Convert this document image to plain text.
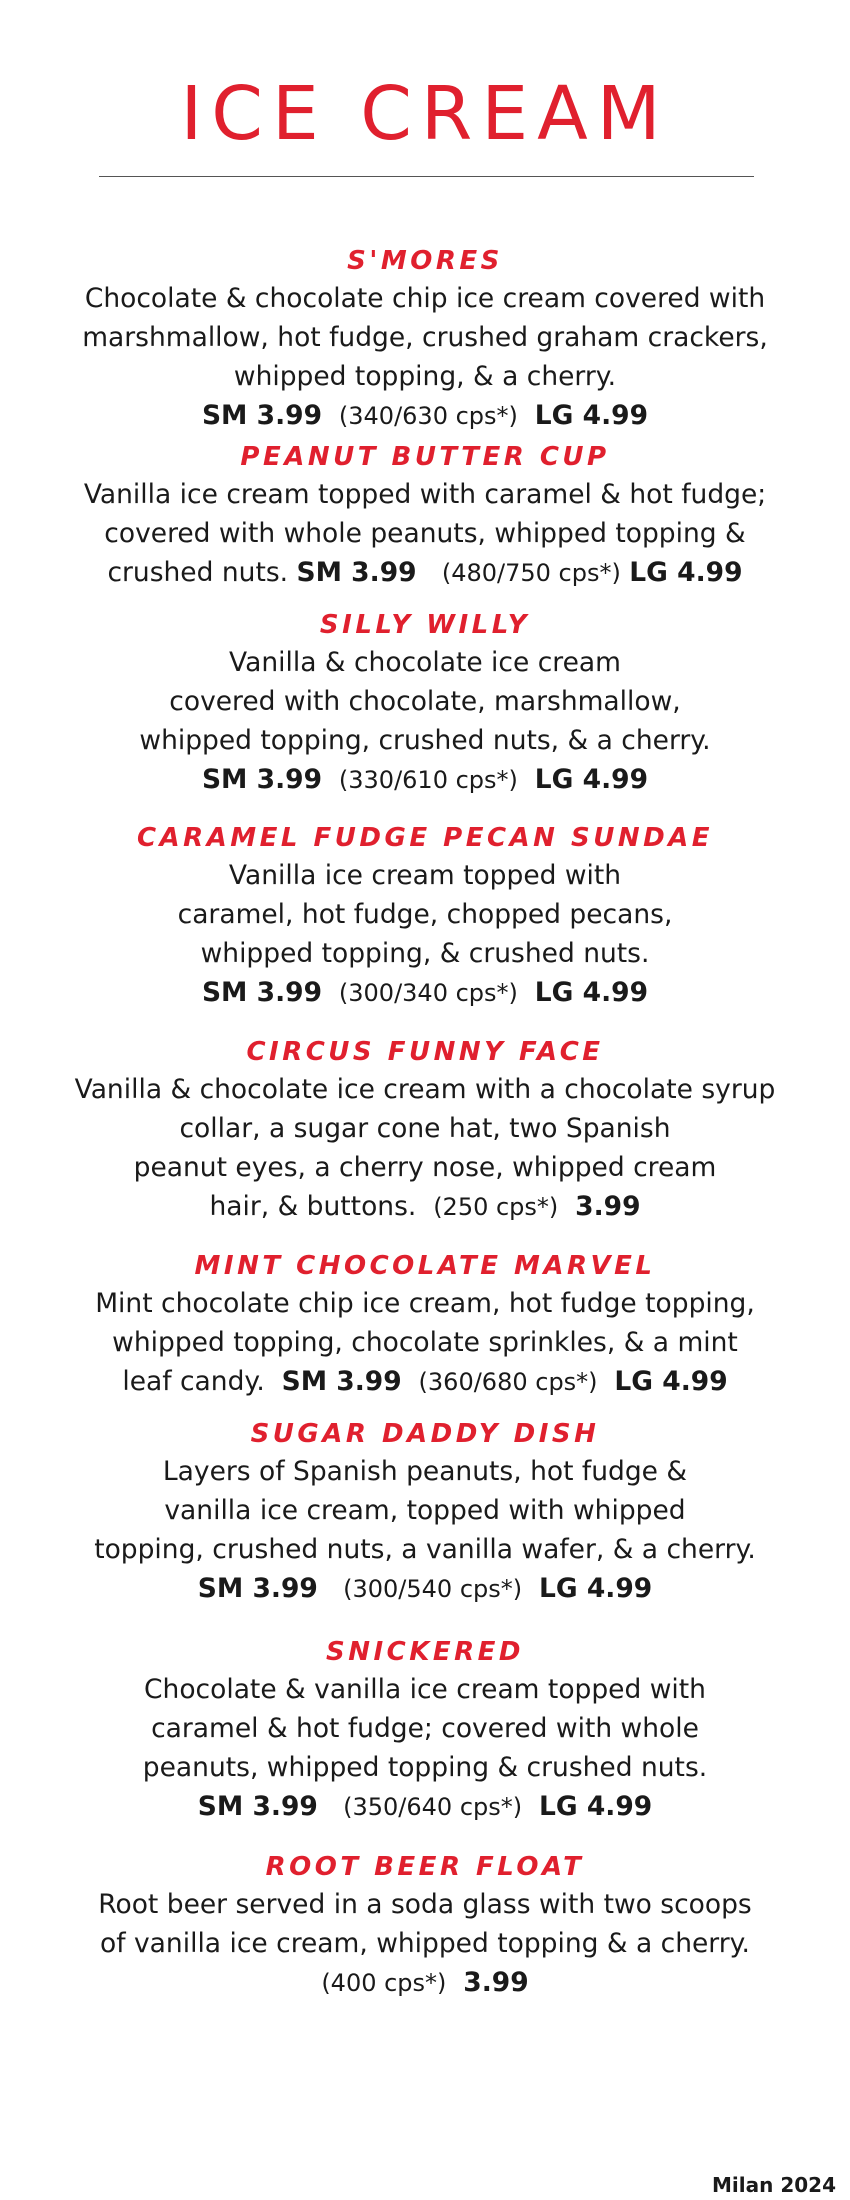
ICE CREAM
S'MORES
Chocolate & chocolate chip ice cream covered with
marshmallow, hot fudge, crushed graham crackers,
whipped topping, & a cherry.
SM 3.99 (340/630 cps*) LG 4.99
PEANUT BUTTER CUP
Vanilla ice cream topped with caramel & hot fudge;
covered with whole peanuts, whipped topping &
crushed nuts. SM 3.99 (480/750 cps*) LG 4.99
SILLY WILLY
Vanilla & chocolate ice cream
covered with chocolate, marshmallow,
whipped topping, crushed nuts, & a cherry.
SM 3.99 (330/610 cps*) LG 4.99
CARAMEL FUDGE PECAN SUNDAE
Vanilla ice cream topped with
caramel, hot fudge, chopped pecans,
whipped topping, & crushed nuts.
SM 3.99 (300/340 cps*) LG 4.99
CIRCUS FUNNY FACE
Vanilla & chocolate ice cream with a chocolate syrup
collar, a sugar cone hat, two Spanish
peanut eyes, a cherry nose, whipped cream
hair, & buttons. (250 cps*) 3.99
MINT CHOCOLATE MARVEL
Mint chocolate chip ice cream, hot fudge topping,
whipped topping, chocolate sprinkles, & a mint
leaf candy. SM 3.99 (360/680 cps*) LG 4.99
SUGAR DADDY DISH
Layers of Spanish peanuts, hot fudge &
vanilla ice cream, topped with whipped
topping, crushed nuts, a vanilla wafer, & a cherry.
SM 3.99 (300/540 cps*) LG 4.99
SNICKERED
Chocolate & vanilla ice cream topped with
caramel & hot fudge; covered with whole
peanuts, whipped topping & crushed nuts.
SM 3.99 (350/640 cps*) LG 4.99
ROOT BEER FLOAT
Root beer served in a soda glass with two scoops
of vanilla ice cream, whipped topping & a cherry.
(400 cps*) 3.99
Milan 2024
